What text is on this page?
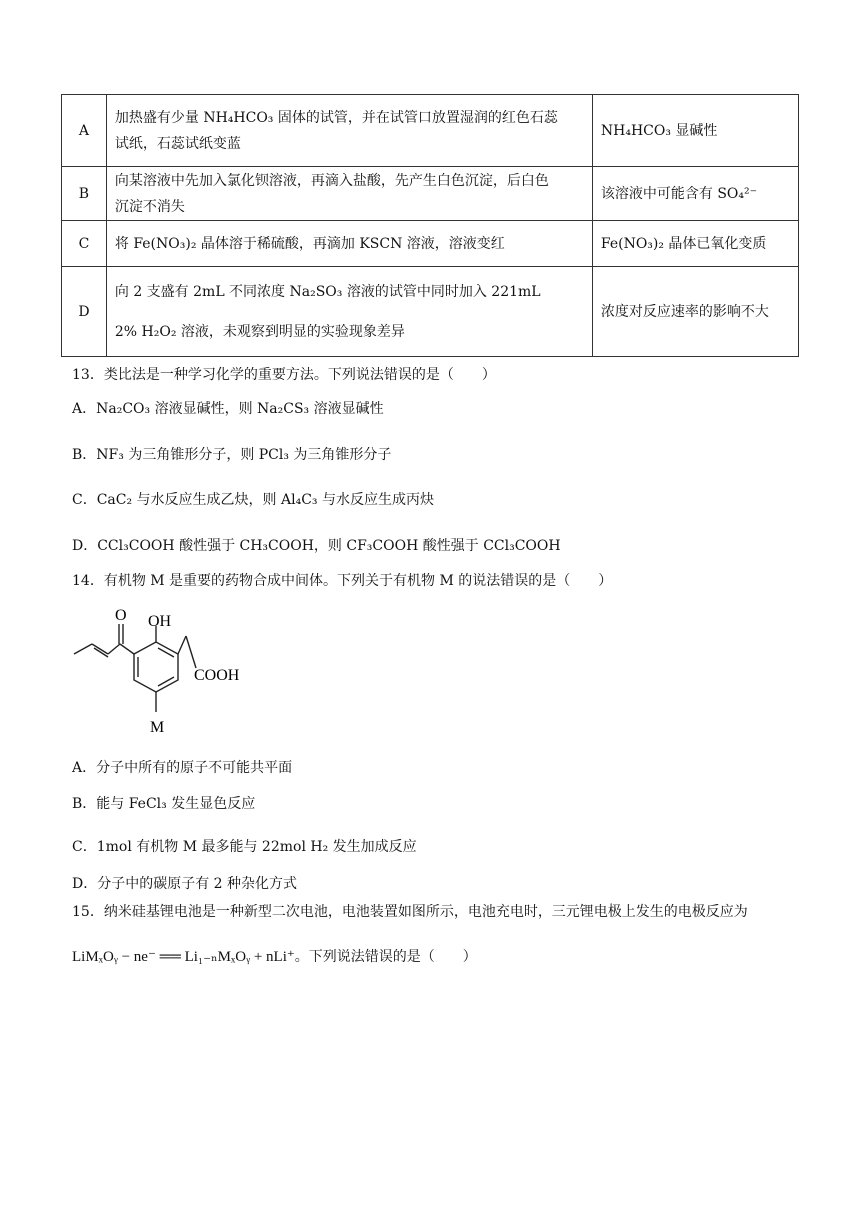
A	加热盛有少量 NH₄HCO₃ 固体的试管，并在试管口放置湿润的红色石蕊
试纸，石蕊试纸变蓝	NH₄HCO₃ 显碱性
B	向某溶液中先加入氯化钡溶液，再滴入盐酸，先产生白色沉淀，后白色
沉淀不消失	该溶液中可能含有 SO₄²⁻
C	将 Fe(NO₃)₂ 晶体溶于稀硫酸，再滴加 KSCN 溶液，溶液变红	Fe(NO₃)₂ 晶体已氧化变质
D	向 2 支盛有 2mL 不同浓度 Na₂SO₃ 溶液的试管中同时加入 221mL
2% H₂O₂ 溶液，未观察到明显的实验现象差异	浓度对反应速率的影响不大
13．类比法是一种学习化学的重要方法。下列说法错误的是（　　）
A．Na₂CO₃ 溶液显碱性，则 Na₂CS₃ 溶液显碱性
B．NF₃ 为三角锥形分子，则 PCl₃ 为三角锥形分子
C．CaC₂ 与水反应生成乙炔，则 Al₄C₃ 与水反应生成丙炔
D．CCl₃COOH 酸性强于 CH₃COOH，则 CF₃COOH 酸性强于 CCl₃COOH
14．有机物 M 是重要的药物合成中间体。下列关于有机物 M 的说法错误的是（　　）
O OH
COOH
M
A．分子中所有的原子不可能共平面
B．能与 FeCl₃ 发生显色反应
C．1mol 有机物 M 最多能与 22mol H₂ 发生加成反应
D．分子中的碳原子有 2 种杂化方式
15．纳米硅基锂电池是一种新型二次电池，电池装置如图所示，电池充电时，三元锂电极上发生的电极反应为
LiMₓOᵧ − ne⁻ ══ Li₁₋ₙMₓOᵧ + nLi⁺。下列说法错误的是（　　）
